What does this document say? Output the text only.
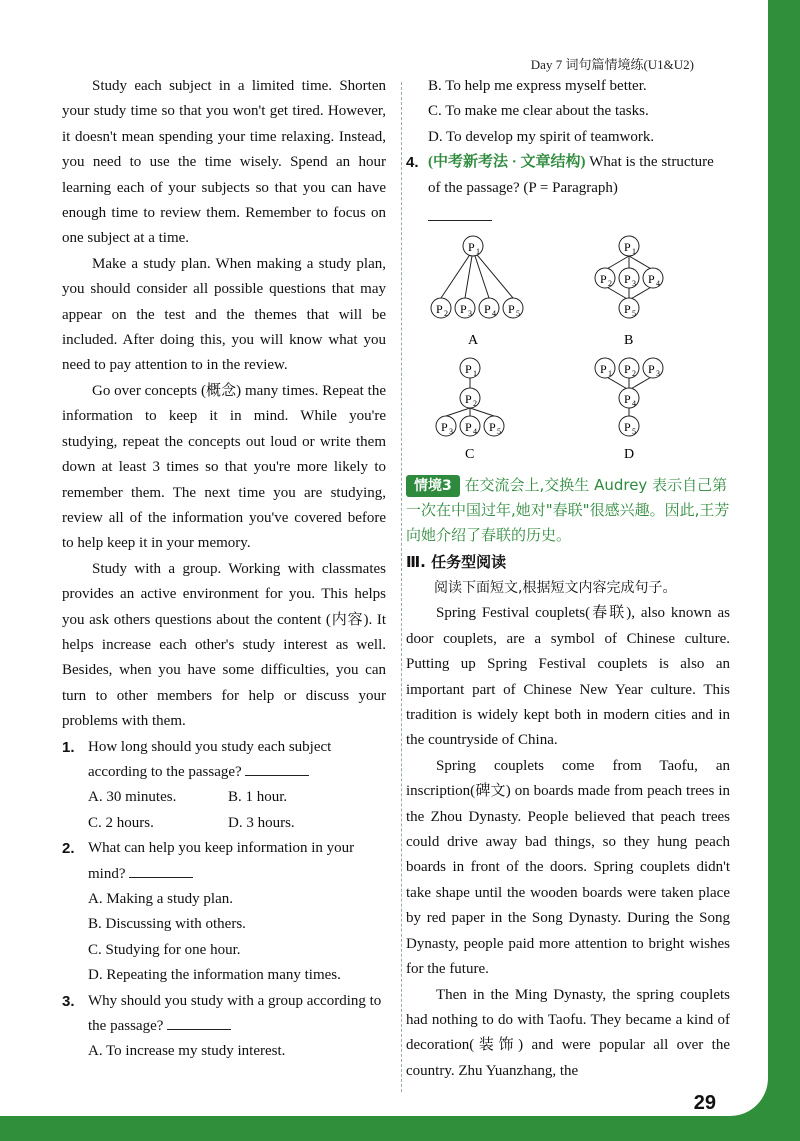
Day 7 词句篇情境练(U1&U2)

Study each subject in a limited time. Shorten your study time so that you won't get tired. However, it doesn't mean spending your time relaxing. Instead, you need to use the time wisely. Spend an hour learning each of your subjects so that you can have enough time to review them. Remember to focus on one subject at a time.

Make a study plan. When making a study plan, you should consider all possible questions that may appear on the test and the themes that will be included. After doing this, you will know what you need to pay attention to in the review.

Go over concepts (概念) many times. Repeat the information to keep it in mind. While you're studying, repeat the concepts out loud or write them down at least 3 times so that you're more likely to remember them. The next time you are studying, review all of the information you've covered before to help keep it in your memory.

Study with a group. Working with classmates provides an active environment for you. This helps you ask others questions about the content (内容). It helps increase each other's study interest as well. Besides, when you have some difficulties, you can turn to other members for help or discuss your problems with them.

1. How long should you study each subject according to the passage?
A. 30 minutes.	B. 1 hour.
C. 2 hours.	D. 3 hours.
2. What can help you keep information in your mind?
A. Making a study plan.
B. Discussing with others.
C. Studying for one hour.
D. Repeating the information many times.
3. Why should you study with a group according to the passage?
A. To increase my study interest.
B. To help me express myself better.
C. To make me clear about the tasks.
D. To develop my spirit of teamwork.
4. (中考新考法 · 文章结构) What is the structure of the passage? (P = Paragraph)
P 1
P 2 P 3 P 4 P 5
A
P 1
P 2 P 3 P 4
P 5
B
P 1
P 2
P 3 P 4 P 5
C
P 1 P 2 P 3
P 4
P 5
D
情境3 在交流会上,交换生 Audrey 表示自己第一次在中国过年,她对"春联"很感兴趣。因此,王芳向她介绍了春联的历史。
Ⅲ. 任务型阅读

阅读下面短文,根据短文内容完成句子。

Spring Festival couplets(春联), also known as door couplets, are a symbol of Chinese culture. Putting up Spring Festival couplets is also an important part of Chinese New Year culture. This tradition is widely kept both in modern cities and in the countryside of China.

Spring couplets come from Taofu, an inscription(碑文) on boards made from peach trees in the Zhou Dynasty. People believed that peach trees could drive away bad things, so they hung peach boards in front of the doors. Spring couplets didn't take shape until the wooden boards were taken place by red paper in the Song Dynasty. During the Song Dynasty, people paid more attention to bright wishes for the future.

Then in the Ming Dynasty, the spring couplets had nothing to do with Taofu. They became a kind of decoration(装饰) and were popular all over the country. Zhu Yuanzhang, the

29
